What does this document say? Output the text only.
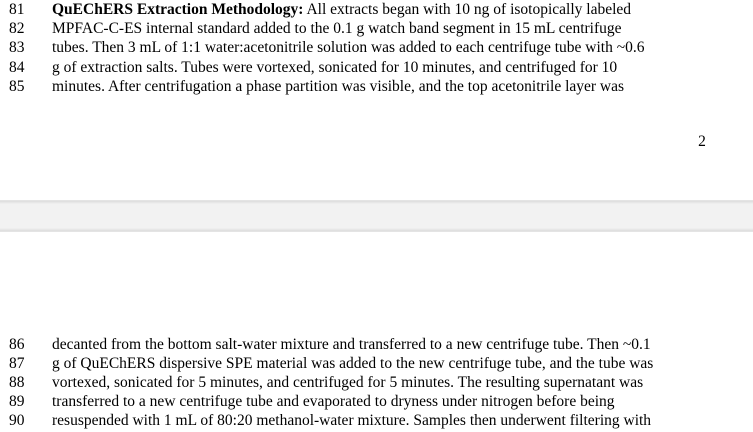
81	QuEChERS Extraction Methodology: All extracts began with 10 ng of isotopically labeled
82	MPFAC-C-ES internal standard added to the 0.1 g watch band segment in 15 mL centrifuge
83	tubes. Then 3 mL of 1:1 water:acetonitrile solution was added to each centrifuge tube with ~0.6
84	g of extraction salts. Tubes were vortexed, sonicated for 10 minutes, and centrifuged for 10
85	minutes. After centrifugation a phase partition was visible, and the top acetonitrile layer was
2
86	decanted from the bottom salt-water mixture and transferred to a new centrifuge tube. Then ~0.1
87	g of QuEChERS dispersive SPE material was added to the new centrifuge tube, and the tube was
88	vortexed, sonicated for 5 minutes, and centrifuged for 5 minutes. The resulting supernatant was
89	transferred to a new centrifuge tube and evaporated to dryness under nitrogen before being
90	resuspended with 1 mL of 80:20 methanol-water mixture. Samples then underwent filtering with
